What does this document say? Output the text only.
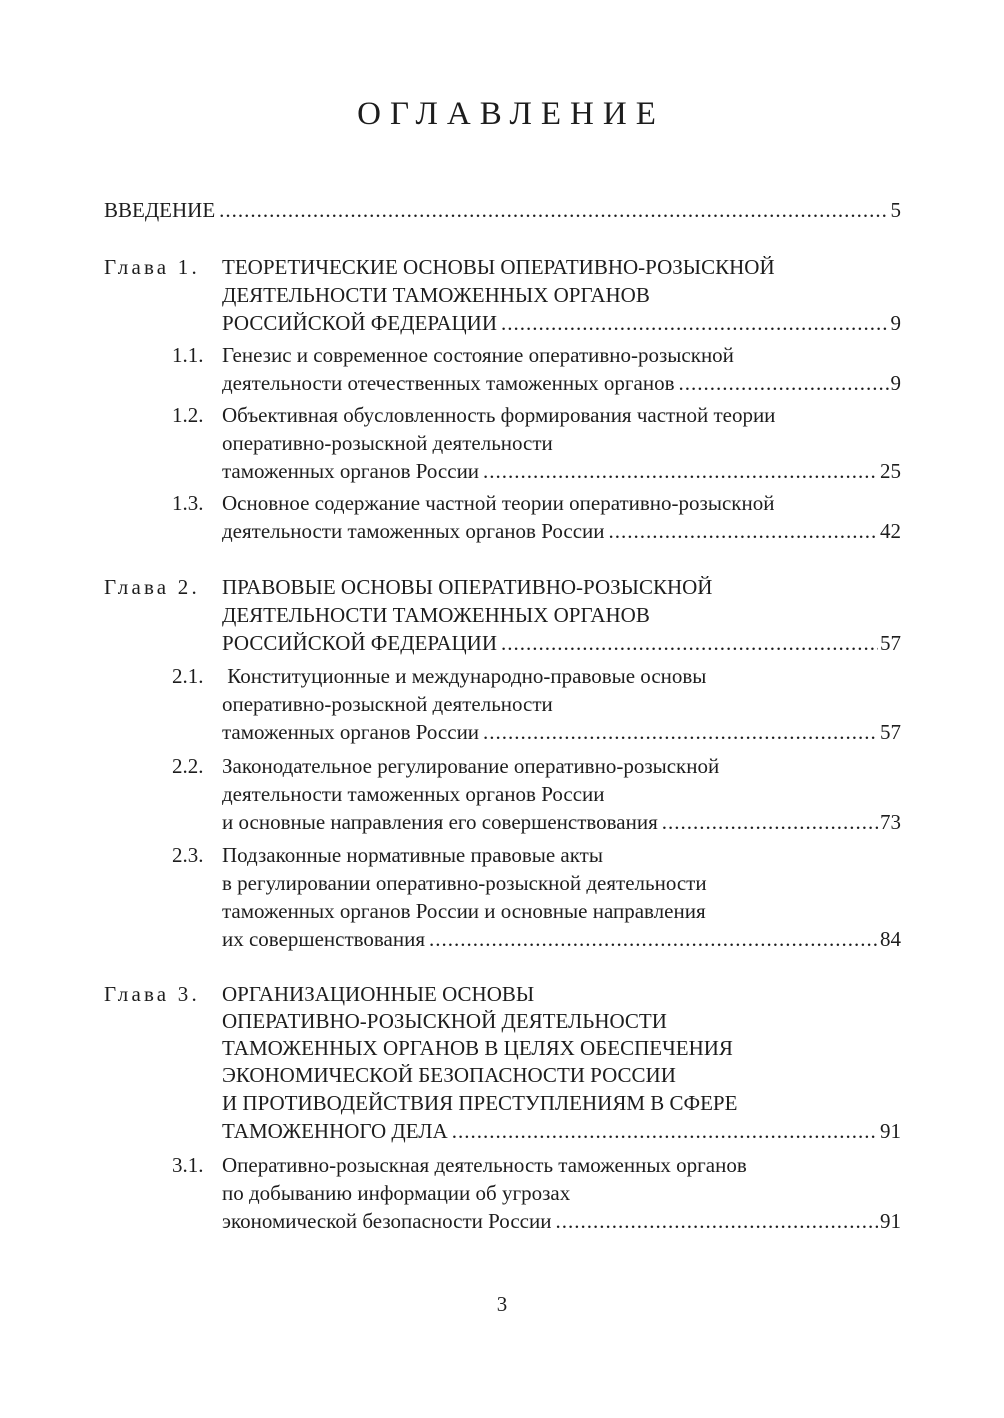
ОГЛАВЛЕНИЕ
ВВЕДЕНИЕ .....	5
Глава 1. ТЕОРЕТИЧЕСКИЕ ОСНОВЫ ОПЕРАТИВНО-РОЗЫСКНОЙ
ДЕЯТЕЛЬНОСТИ ТАМОЖЕННЫХ ОРГАНОВ
РОССИЙСКОЙ ФЕДЕРАЦИИ .....	9
1.1. Генезис и современное состояние оперативно-розыскной
деятельности отечественных таможенных органов .....	9
1.2. Объективная обусловленность формирования частной теории
оперативно-розыскной деятельности
таможенных органов России .....	25
1.3. Основное содержание частной теории оперативно-розыскной
деятельности таможенных органов России .....	42
Глава 2. ПРАВОВЫЕ ОСНОВЫ ОПЕРАТИВНО-РОЗЫСКНОЙ
ДЕЯТЕЛЬНОСТИ ТАМОЖЕННЫХ ОРГАНОВ
РОССИЙСКОЙ ФЕДЕРАЦИИ .....	57
2.1. Конституционные и международно-правовые основы
оперативно-розыскной деятельности
таможенных органов России .....	57
2.2. Законодательное регулирование оперативно-розыскной
деятельности таможенных органов России
и основные направления его совершенствования .....	73
2.3. Подзаконные нормативные правовые акты
в регулировании оперативно-розыскной деятельности
таможенных органов России и основные направления
их совершенствования .....	84
Глава 3. ОРГАНИЗАЦИОННЫЕ ОСНОВЫ
ОПЕРАТИВНО-РОЗЫСКНОЙ ДЕЯТЕЛЬНОСТИ
ТАМОЖЕННЫХ ОРГАНОВ В ЦЕЛЯХ ОБЕСПЕЧЕНИЯ
ЭКОНОМИЧЕСКОЙ БЕЗОПАСНОСТИ РОССИИ
И ПРОТИВОДЕЙСТВИЯ ПРЕСТУПЛЕНИЯМ В СФЕРЕ
ТАМОЖЕННОГО ДЕЛА .....	91
3.1. Оперативно-розыскная деятельность таможенных органов
по добыванию информации об угрозах
экономической безопасности России .....	91
3
